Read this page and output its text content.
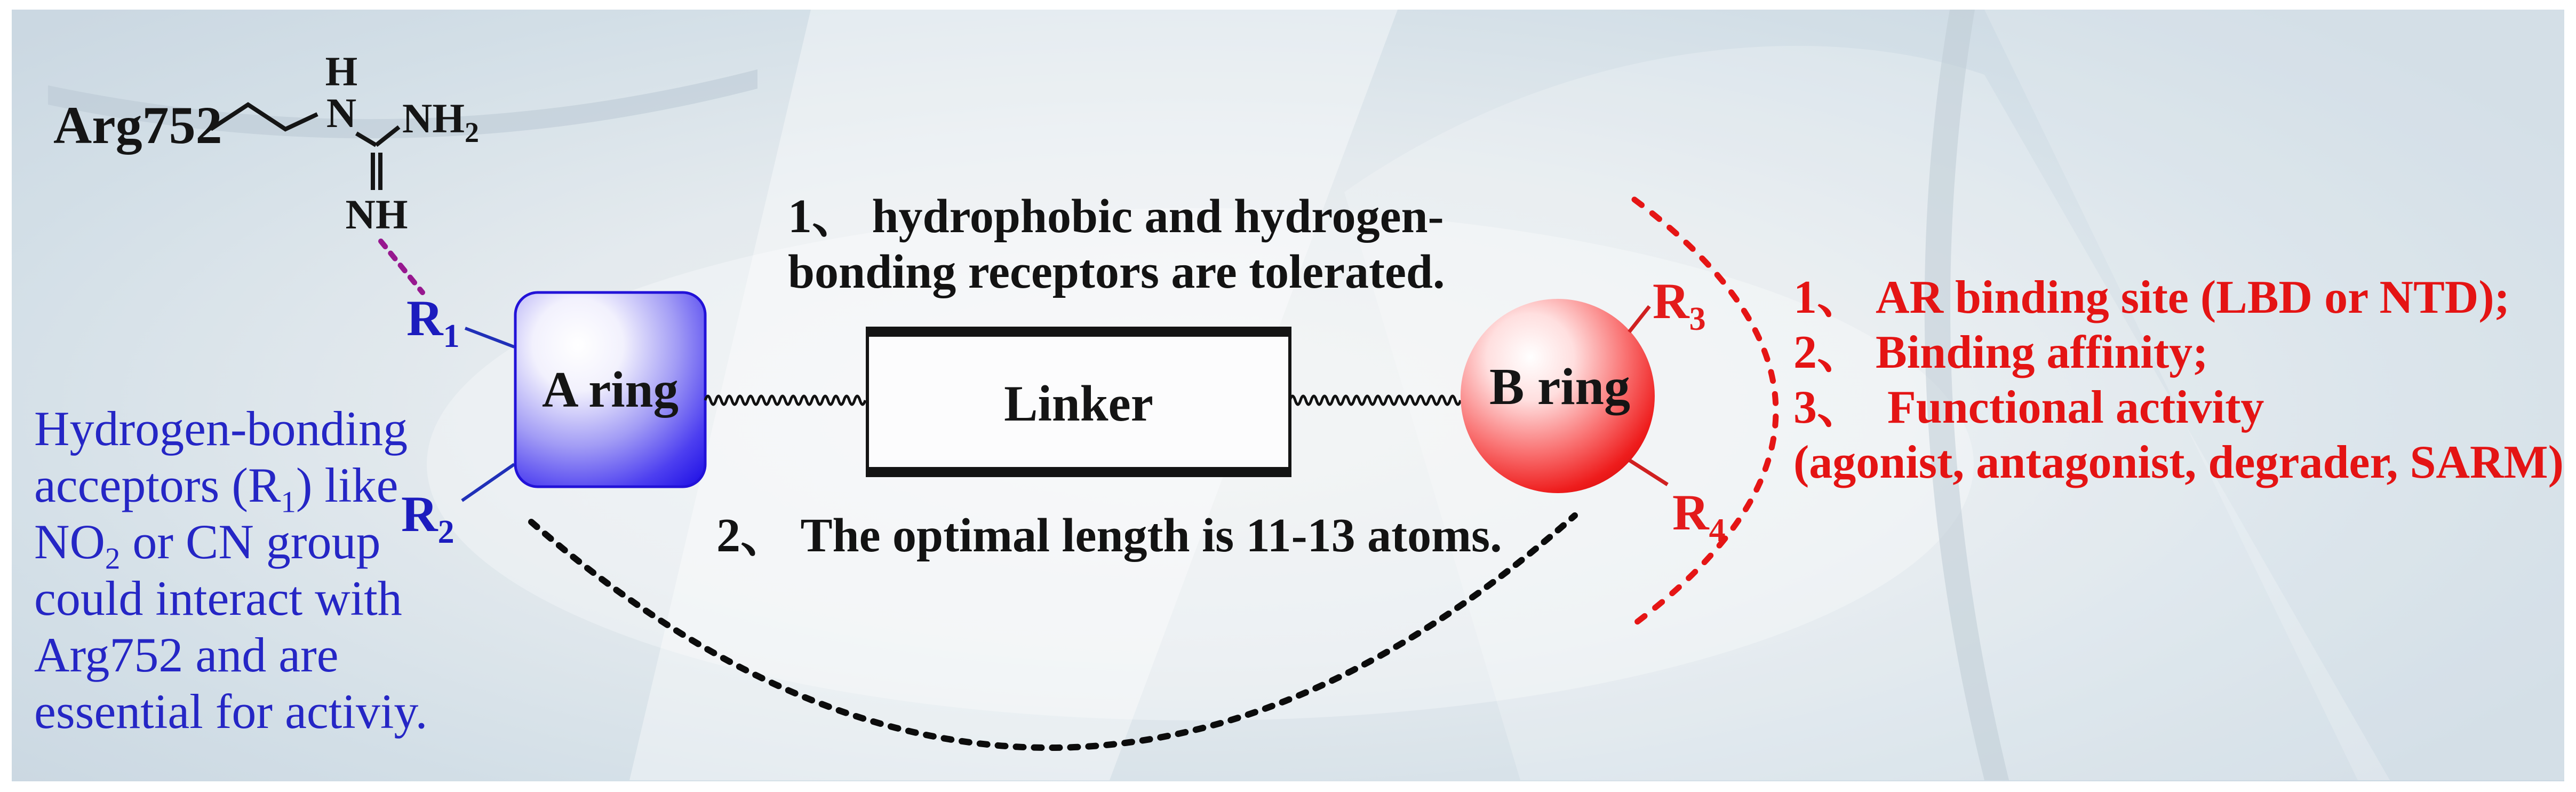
Arg752
H
N $NH_2$
NH
$R_1$
$R_2$
A ring	Linker	B ring
$R_3$
$R_4$
Hydrogen-bonding
acceptors $(R_1)$ like
$NO_2$ or CN group
could interact with
Arg752 and are
essential for activiy.
1、 hydrophobic and hydrogen-
bonding receptors are tolerated.
2、 The optimal length is 11-13 atoms.
1、 AR binding site (LBD or NTD);
2、 Binding affinity;
3、  Functional activity
(agonist, antagonist, degrader, SARM)
